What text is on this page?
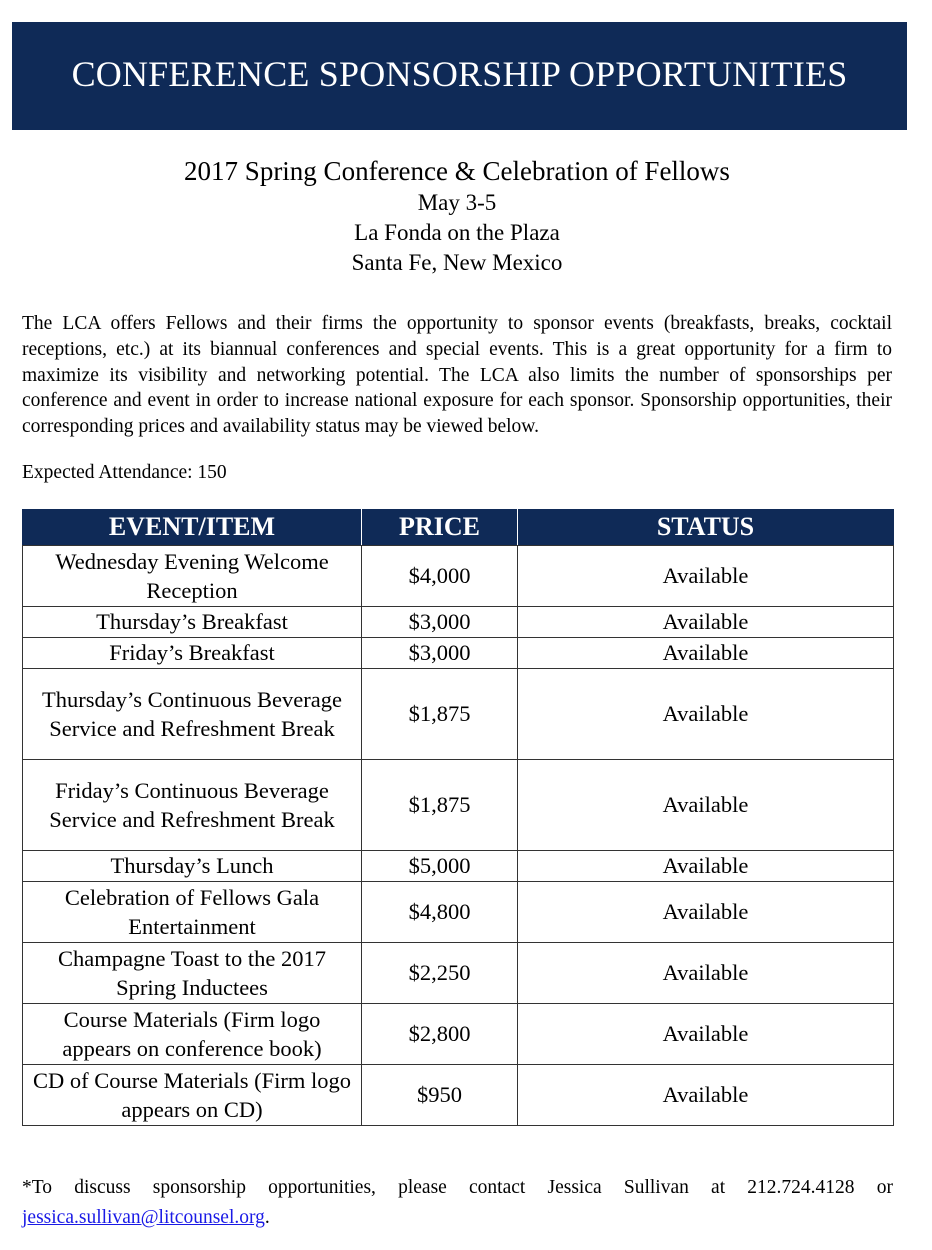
CONFERENCE SPONSORSHIP OPPORTUNITIES
2017 Spring Conference & Celebration of Fellows
May 3-5
La Fonda on the Plaza
Santa Fe, New Mexico
The LCA offers Fellows and their firms the opportunity to sponsor events (breakfasts, breaks, cocktail receptions, etc.) at its biannual conferences and special events. This is a great opportunity for a firm to maximize its visibility and networking potential. The LCA also limits the number of sponsorships per conference and event in order to increase national exposure for each sponsor. Sponsorship opportunities, their corresponding prices and availability status may be viewed below.
Expected Attendance: 150
EVENT/ITEM	PRICE	STATUS
Wednesday Evening Welcome Reception	$4,000	Available
Thursday’s Breakfast	$3,000	Available
Friday’s Breakfast	$3,000	Available
Thursday’s Continuous Beverage Service and Refreshment Break	$1,875	Available
Friday’s Continuous Beverage Service and Refreshment Break	$1,875	Available
Thursday’s Lunch	$5,000	Available
Celebration of Fellows Gala Entertainment	$4,800	Available
Champagne Toast to the 2017 Spring Inductees	$2,250	Available
Course Materials (Firm logo appears on conference book)	$2,800	Available
CD of Course Materials (Firm logo appears on CD)	$950	Available
*To discuss sponsorship opportunities, please contact Jessica Sullivan at 212.724.4128 or jessica.sullivan@litcounsel.org.
